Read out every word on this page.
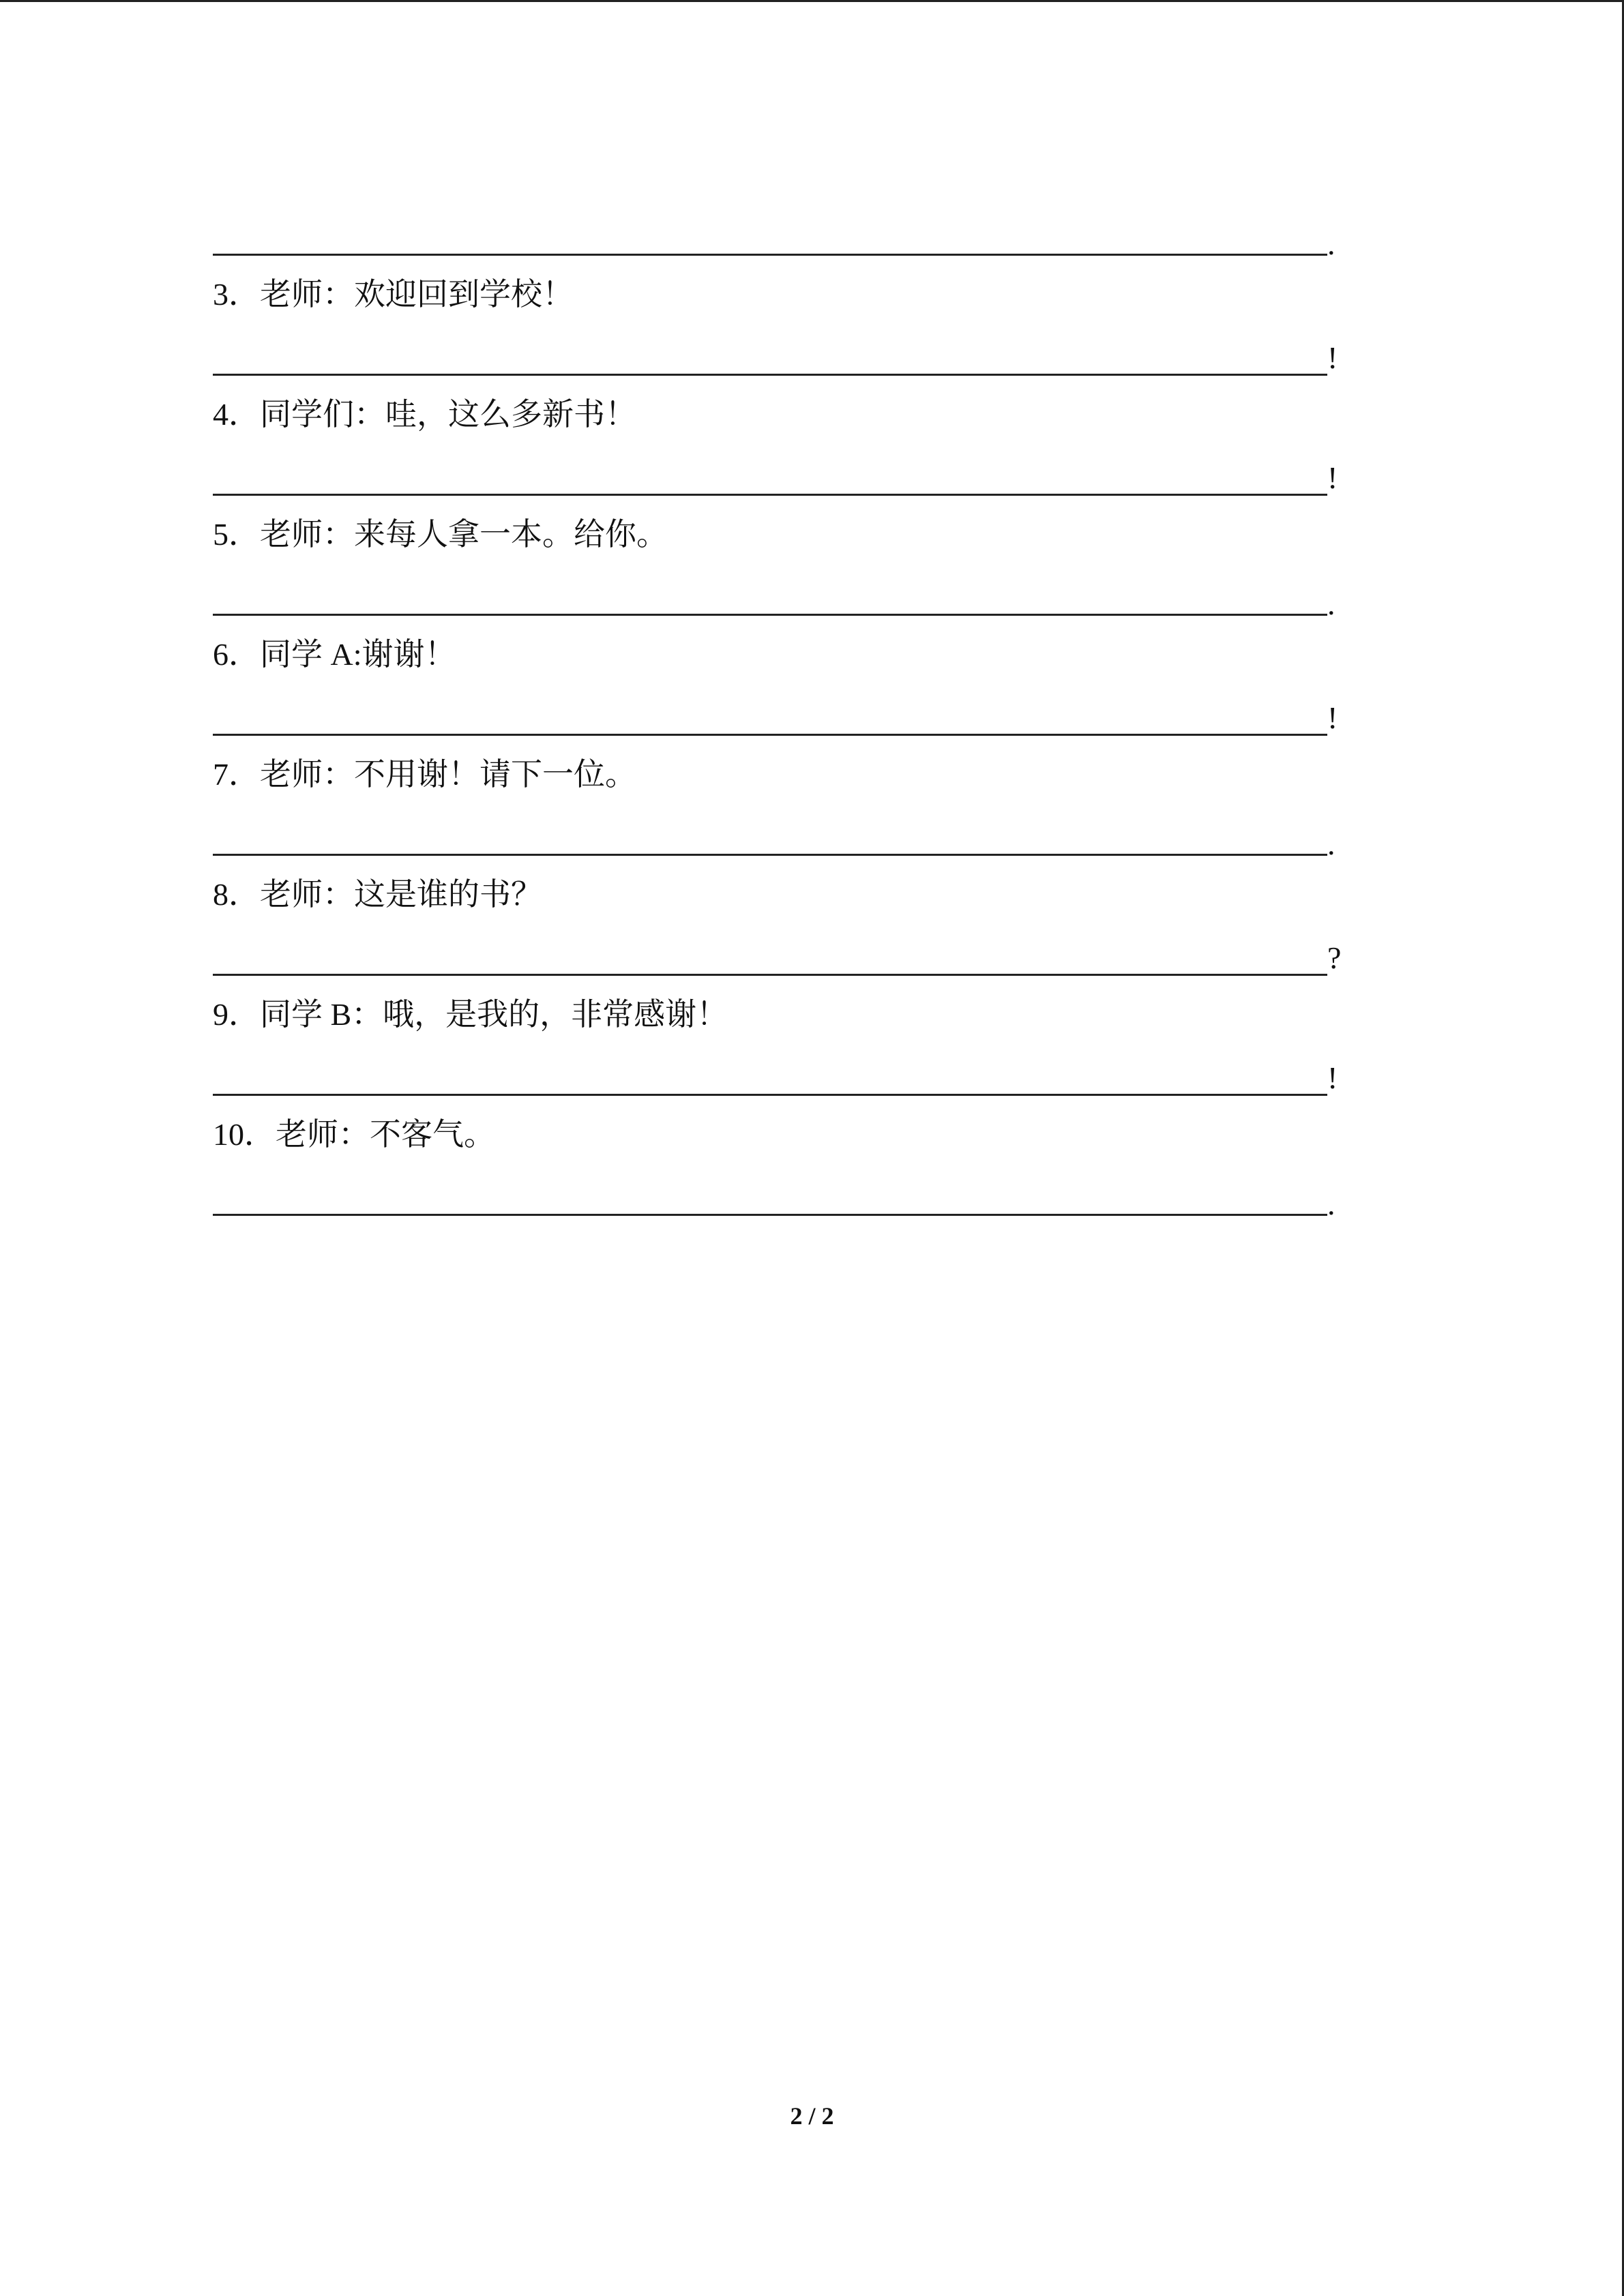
.
3．老师：欢迎回到学校！
!
4．同学们：哇，这么多新书！
!
5．老师：来每人拿一本。给你。
.
6．同学 A:谢谢！
!
7．老师：不用谢！请下一位。
.
8．老师：这是谁的书？
?
9．同学 B：哦，是我的，非常感谢！
!
10．老师：不客气。
.
2 / 2
